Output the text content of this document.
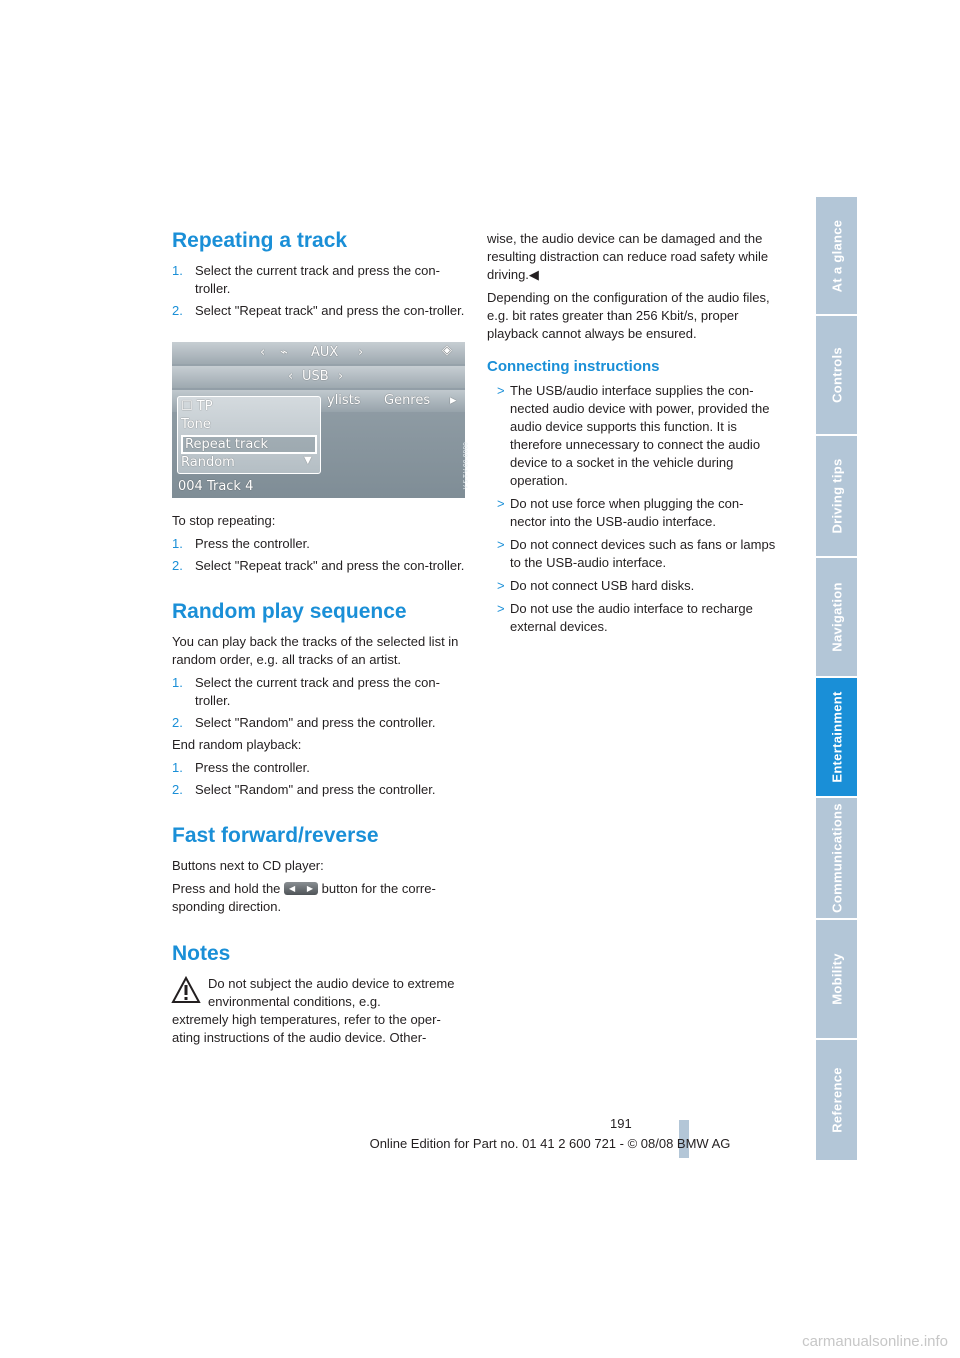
Repeating a track
1. Select the current track and press the con-troller.
2. Select "Repeat track" and press the con-troller.
‹ ⌁ AUX ›	◈
‹ USB ›
ylists Genres ▸
☐ TP
Tone
Repeat track
Random	▼
004 Track 4	V-S-T-V-00-0000

To stop repeating:

1. Press the controller.
2. Select "Repeat track" and press the con-troller.
Random play sequence

You can play back the tracks of the selected list in random order, e.g. all tracks of an artist.

1. Select the current track and press the con-troller.
2. Select "Random" and press the controller.

End random playback:

1. Press the controller.
2. Select "Random" and press the controller.
Fast forward/reverse

Buttons next to CD player:

Press and hold the ◀ ▶ button for the corre-sponding direction.

Notes

Do not subject the audio device to extreme environmental conditions, e.g.

extremely high temperatures, refer to the oper-ating instructions of the audio device. Other-

wise, the audio device can be damaged and the resulting distraction can reduce road safety while driving.◀

Depending on the configuration of the audio files, e.g. bit rates greater than 256 Kbit/s, proper playback cannot always be ensured.

Connecting instructions
> The USB/audio interface supplies the con-nected audio device with power, provided the audio device supports this function. It is therefore unnecessary to connect the audio device to a socket in the vehicle during operation.
> Do not use force when plugging the con-nector into the USB-audio interface.
> Do not connect devices such as fans or lamps to the USB-audio interface.
> Do not connect USB hard disks.
> Do not use the audio interface to recharge external devices.
At a glance
Controls
Driving tips
Navigation
Entertainment
Communications
Mobility
Reference
191
Online Edition for Part no. 01 41 2 600 721 - © 08/08 BMW AG
carmanualsonline.info
